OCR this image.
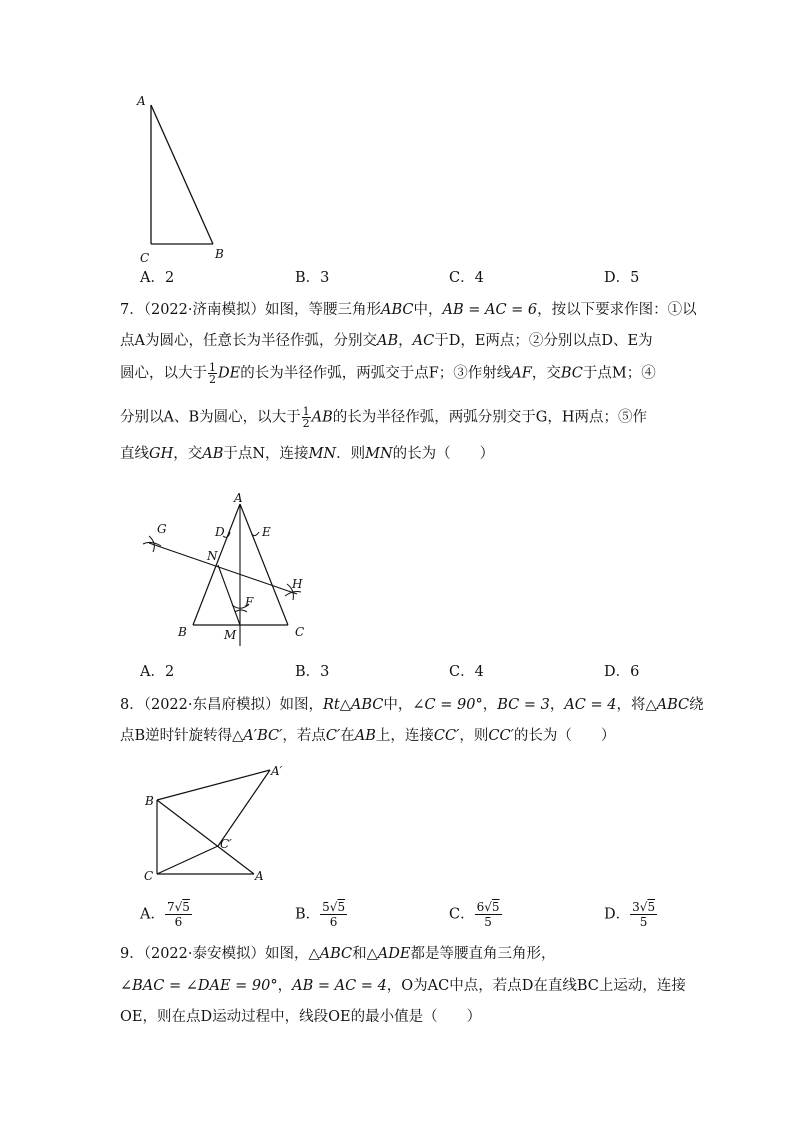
A
C	B
A．2	B．3	C．4	D．5
7．（2022·济南模拟）如图，等腰三角形ABC中，AB = AC = 6，按以下要求作图：①以
点A为圆心，任意长为半径作弧，分别交AB，AC于D，E两点；②分别以点D、E为
圆心，以大于 $\frac{1}{2}$ DE的长为半径作弧，两弧交于点F；③作射线AF，交BC于点M；④
分别以A、B为圆心，以大于 $\frac{1}{2}$ AB的长为半径作弧，两弧分别交于G，H两点；⑤作
直线GH，交AB于点N，连接MN．则MN的长为（　　）
A
D	E
G
N
H
F
B	M	C
A．2	B．3	C．4	D．6
8．（2022·东昌府模拟）如图，Rt△ABC中，∠C = 90°，BC = 3，AC = 4，将△ABC绕
点B逆时针旋转得△A′BC′，若点C′在AB上，连接CC′，则CC′的长为（　　）
B
A′
C′
C	A
A． $\frac{7√5}{6}$	B． $\frac{5√5}{6}$	C． $\frac{6√5}{5}$	D． $\frac{3√5}{5}$
9．（2022·泰安模拟）如图，△ABC和△ADE都是等腰直角三角形，
∠BAC = ∠DAE = 90°，AB = AC = 4，O为AC中点，若点D在直线BC上运动，连接
OE，则在点D运动过程中，线段OE的最小值是（　　）
